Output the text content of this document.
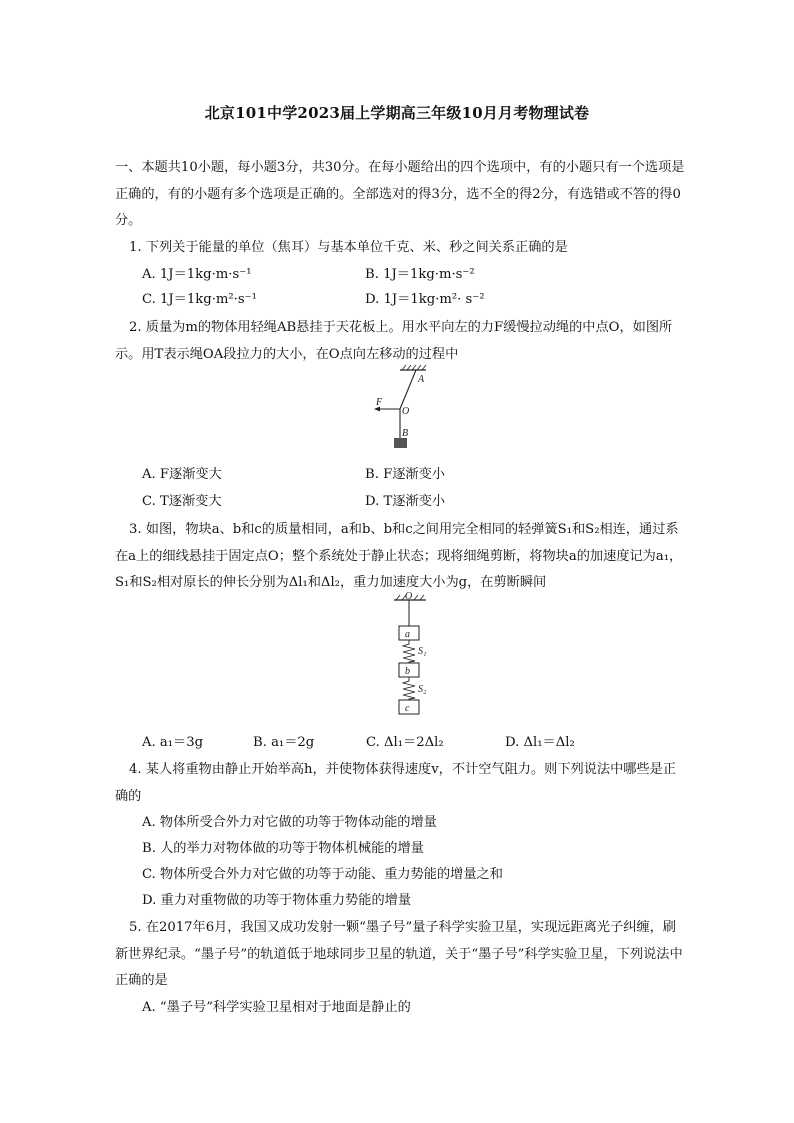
北京101中学2023届上学期高三年级10月月考物理试卷
一、本题共10小题，每小题3分，共30分。在每小题给出的四个选项中，有的小题只有一个选项是正确的，有的小题有多个选项是正确的。全部选对的得3分，选不全的得2分，有选错或不答的得0分。
1. 下列关于能量的单位（焦耳）与基本单位千克、米、秒之间关系正确的是
A. 1J＝1kg·m·s⁻¹	B. 1J＝1kg·m·s⁻²
C. 1J＝1kg·m²·s⁻¹	D. 1J＝1kg·m²· s⁻²
2. 质量为m的物体用轻绳AB悬挂于天花板上。用水平向左的力F缓慢拉动绳的中点O，如图所示。用T表示绳OA段拉力的大小，在O点向左移动的过程中
A
F
O
B
A. F逐渐变大	B. F逐渐变小
C. T逐渐变大	D. T逐渐变小
3. 如图，物块a、b和c的质量相同，a和b、b和c之间用完全相同的轻弹簧S₁和S₂相连，通过系在a上的细线悬挂于固定点O；整个系统处于静止状态；现将细绳剪断，将物块a的加速度记为a₁，S₁和S₂相对原长的伸长分别为Δl₁和Δl₂，重力加速度大小为g，在剪断瞬间
O
a
S₁
b
S₂
c
A. a₁＝3g	B. a₁＝2g	C. Δl₁＝2Δl₂	D. Δl₁＝Δl₂
4. 某人将重物由静止开始举高h，并使物体获得速度v，不计空气阻力。则下列说法中哪些是正确的
A. 物体所受合外力对它做的功等于物体动能的增量
B. 人的举力对物体做的功等于物体机械能的增量
C. 物体所受合外力对它做的功等于动能、重力势能的增量之和
D. 重力对重物做的功等于物体重力势能的增量
5. 在2017年6月，我国又成功发射一颗“墨子号”量子科学实验卫星，实现远距离光子纠缠，刷新世界纪录。“墨子号”的轨道低于地球同步卫星的轨道，关于“墨子号”科学实验卫星，下列说法中正确的是
A. “墨子号”科学实验卫星相对于地面是静止的
